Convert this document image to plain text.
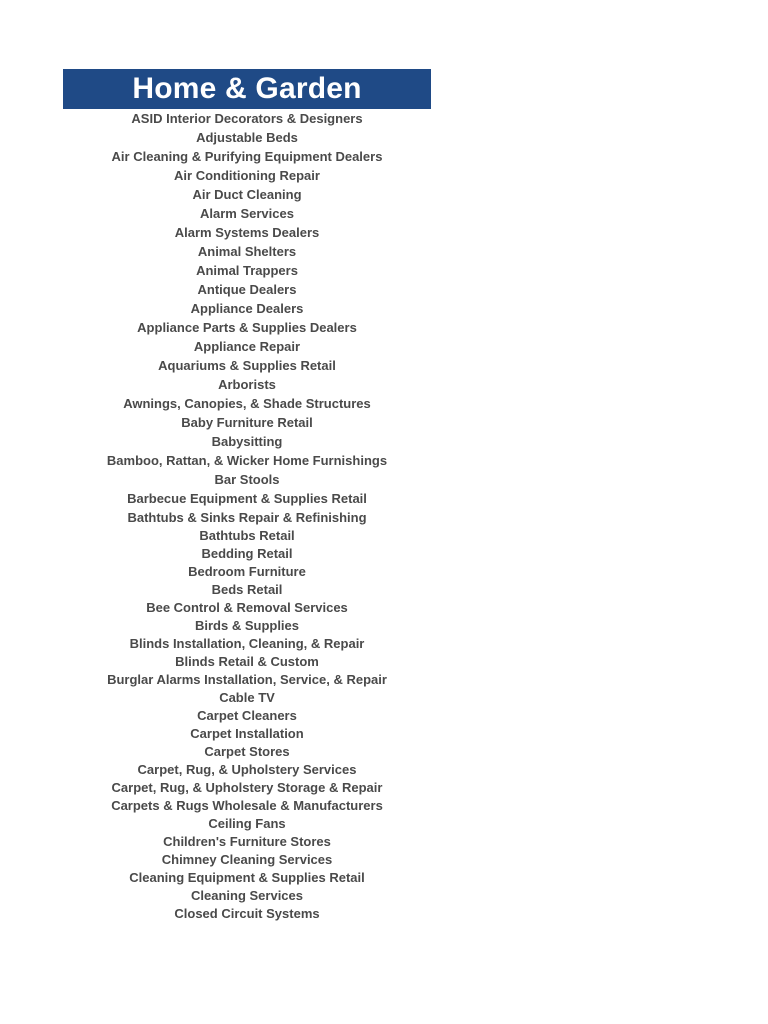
Home & Garden
ASID Interior Decorators & Designers
Adjustable Beds
Air Cleaning & Purifying Equipment Dealers
Air Conditioning Repair
Air Duct Cleaning
Alarm Services
Alarm Systems Dealers
Animal Shelters
Animal Trappers
Antique Dealers
Appliance Dealers
Appliance Parts & Supplies Dealers
Appliance Repair
Aquariums & Supplies Retail
Arborists
Awnings, Canopies, & Shade Structures
Baby Furniture Retail
Babysitting
Bamboo, Rattan, & Wicker Home Furnishings
Bar Stools
Barbecue Equipment & Supplies Retail
Bathtubs & Sinks Repair & Refinishing
Bathtubs Retail
Bedding Retail
Bedroom Furniture
Beds Retail
Bee Control & Removal Services
Birds & Supplies
Blinds Installation, Cleaning, & Repair
Blinds Retail & Custom
Burglar Alarms Installation, Service, & Repair
Cable TV
Carpet Cleaners
Carpet Installation
Carpet Stores
Carpet, Rug, & Upholstery Services
Carpet, Rug, & Upholstery Storage & Repair
Carpets & Rugs Wholesale & Manufacturers
Ceiling Fans
Children's Furniture Stores
Chimney Cleaning Services
Cleaning Equipment & Supplies Retail
Cleaning Services
Closed Circuit Systems
